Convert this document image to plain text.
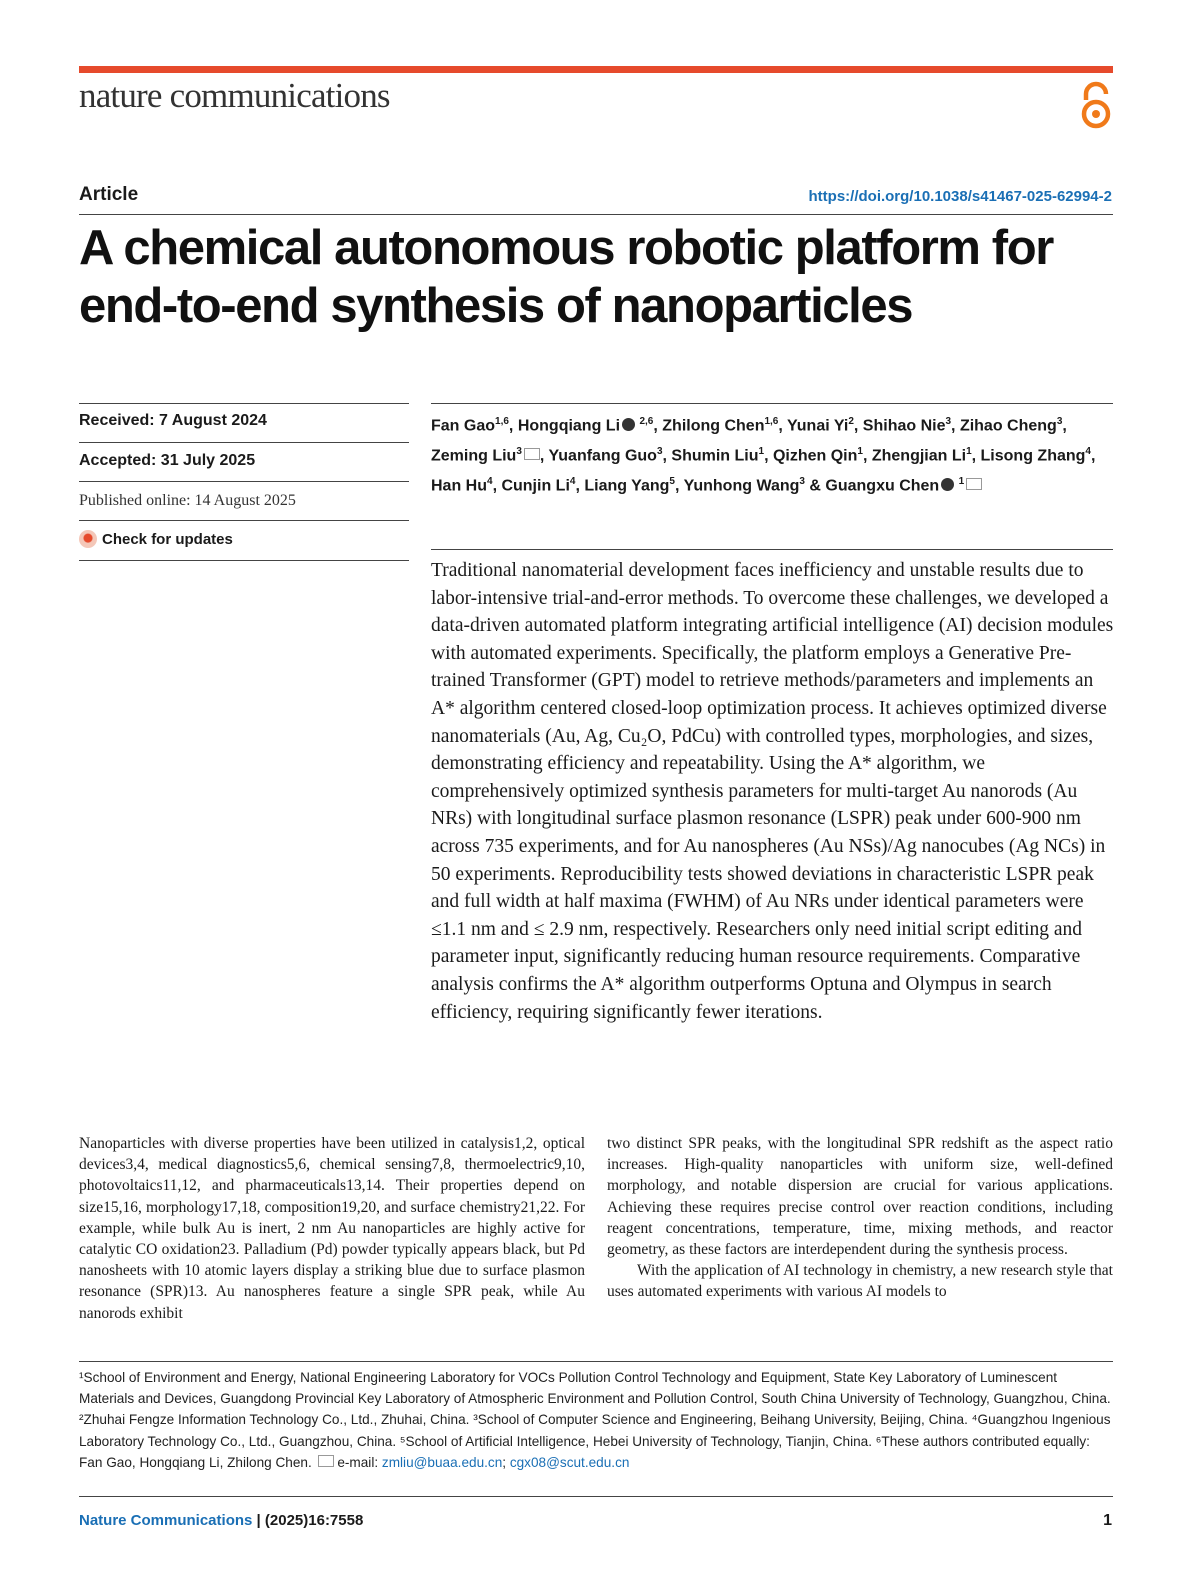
nature communications
Article	https://doi.org/10.1038/s41467-025-62994-2
A chemical autonomous robotic platform for end-to-end synthesis of nanoparticles
Received: 7 August 2024
Accepted: 31 July 2025
Published online: 14 August 2025
Check for updates
Fan Gao$^{1,6}$, Hongqiang Li $^{2,6}$, Zhilong Chen$^{1,6}$, Yunai Yi$^2$, Shihao Nie$^3$, Zihao Cheng$^3$, Zeming Liu$^3$ , Yuanfang Guo$^3$, Shumin Liu$^1$, Qizhen Qin$^1$, Zhengjian Li$^1$, Lisong Zhang$^4$, Han Hu$^4$, Cunjin Li$^4$, Liang Yang$^5$, Yunhong Wang$^3$ & Guangxu Chen $^1$

Traditional nanomaterial development faces inefficiency and unstable results due to labor-intensive trial-and-error methods. To overcome these challenges, we developed a data-driven automated platform integrating artificial intelligence (AI) decision modules with automated experiments. Specifically, the platform employs a Generative Pre-trained Transformer (GPT) model to retrieve methods/parameters and implements an A* algorithm centered closed-loop optimization process. It achieves optimized diverse nanomaterials (Au, Ag, Cu₂O, PdCu) with controlled types, morphologies, and sizes, demonstrating efficiency and repeatability. Using the A* algorithm, we comprehensively optimized synthesis parameters for multi-target Au nanorods (Au NRs) with longitudinal surface plasmon resonance (LSPR) peak under 600-900 nm across 735 experiments, and for Au nanospheres (Au NSs)/Ag nanocubes (Ag NCs) in 50 experiments. Reproducibility tests showed deviations in characteristic LSPR peak and full width at half maxima (FWHM) of Au NRs under identical parameters were ≤1.1 nm and ≤ 2.9 nm, respectively. Researchers only need initial script editing and parameter input, significantly reducing human resource requirements. Comparative analysis confirms the A* algorithm outperforms Optuna and Olympus in search efficiency, requiring significantly fewer iterations.

Nanoparticles with diverse properties have been utilized in catalysis1,2, optical devices3,4, medical diagnostics5,6, chemical sensing7,8, thermoelectric9,10, photovoltaics11,12, and pharmaceuticals13,14. Their properties depend on size15,16, morphology17,18, composition19,20, and surface chemistry21,22. For example, while bulk Au is inert, 2 nm Au nanoparticles are highly active for catalytic CO oxidation23. Palladium (Pd) powder typically appears black, but Pd nanosheets with 10 atomic layers display a striking blue due to surface plasmon resonance (SPR)13. Au nanospheres feature a single SPR peak, while Au nanorods exhibit

two distinct SPR peaks, with the longitudinal SPR redshift as the aspect ratio increases. High-quality nanoparticles with uniform size, well-defined morphology, and notable dispersion are crucial for various applications. Achieving these requires precise control over reaction conditions, including reagent concentrations, temperature, time, mixing methods, and reactor geometry, as these factors are interdependent during the synthesis process.

With the application of AI technology in chemistry, a new research style that uses automated experiments with various AI models to

¹School of Environment and Energy, National Engineering Laboratory for VOCs Pollution Control Technology and Equipment, State Key Laboratory of Luminescent Materials and Devices, Guangdong Provincial Key Laboratory of Atmospheric Environment and Pollution Control, South China University of Technology, Guangzhou, China. ²Zhuhai Fengze Information Technology Co., Ltd., Zhuhai, China. ³School of Computer Science and Engineering, Beihang University, Beijing, China. ⁴Guangzhou Ingenious Laboratory Technology Co., Ltd., Guangzhou, China. ⁵School of Artificial Intelligence, Hebei University of Technology, Tianjin, China. ⁶These authors contributed equally: Fan Gao, Hongqiang Li, Zhilong Chen. e-mail: zmliu@buaa.edu.cn; cgx08@scut.edu.cn

Nature Communications | (2025)16:7558	1
